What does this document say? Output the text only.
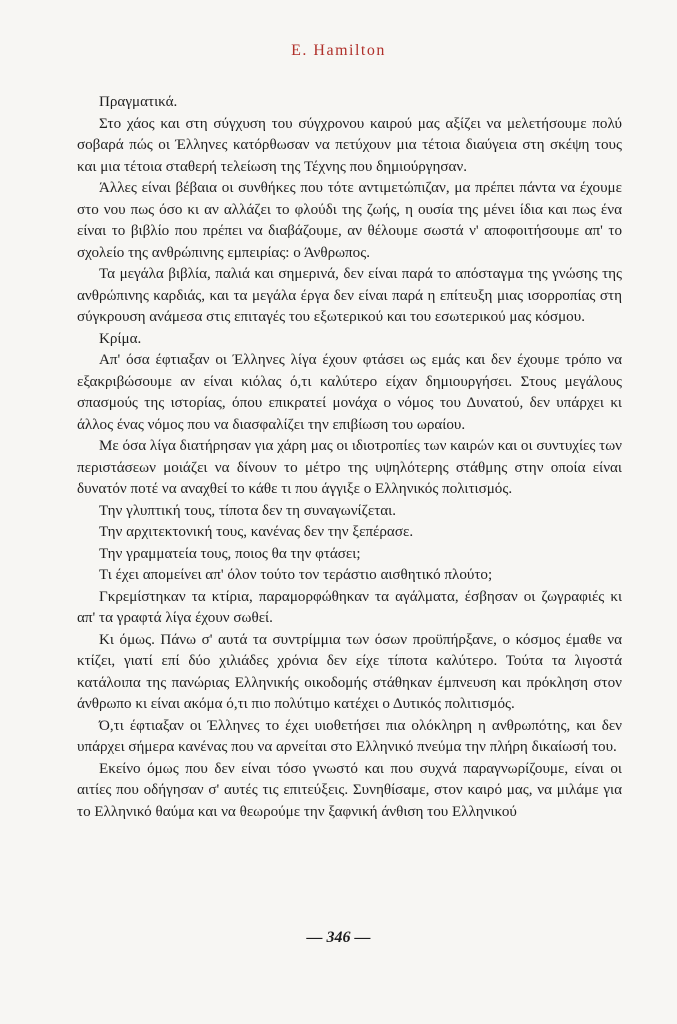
E. Hamilton

Πραγματικά.

Στο χάος και στη σύγχυση του σύγχρονου καιρού μας αξίζει να μελετήσουμε πολύ σοβαρά πώς οι Έλληνες κατόρθωσαν να πετύχουν μια τέτοια διαύγεια στη σκέψη τους και μια τέτοια σταθερή τελείωση της Τέχνης που δημιούργησαν.

Άλλες είναι βέβαια οι συνθήκες που τότε αντιμετώπιζαν, μα πρέπει πάντα να έχουμε στο νου πως όσο κι αν αλλάζει το φλούδι της ζωής, η ουσία της μένει ίδια και πως ένα είναι το βιβλίο που πρέπει να διαβάζουμε, αν θέλουμε σωστά ν' αποφοιτήσουμε απ' το σχολείο της ανθρώπινης εμπειρίας: ο Άνθρωπος.

Τα μεγάλα βιβλία, παλιά και σημερινά, δεν είναι παρά το απόσταγμα της γνώσης της ανθρώπινης καρδιάς, και τα μεγάλα έργα δεν είναι παρά η επίτευξη μιας ισορροπίας στη σύγκρουση ανάμεσα στις επιταγές του εξωτερικού και του εσωτερικού μας κόσμου.

Κρίμα.

Απ' όσα έφτιαξαν οι Έλληνες λίγα έχουν φτάσει ως εμάς και δεν έχουμε τρόπο να εξακριβώσουμε αν είναι κιόλας ό,τι καλύτερο είχαν δημιουργήσει. Στους μεγάλους σπασμούς της ιστορίας, όπου επικρατεί μονάχα ο νόμος του Δυνατού, δεν υπάρχει κι άλλος ένας νόμος που να διασφαλίζει την επιβίωση του ωραίου.

Με όσα λίγα διατήρησαν για χάρη μας οι ιδιοτροπίες των καιρών και οι συντυχίες των περιστάσεων μοιάζει να δίνουν το μέτρο της υψηλότερης στάθμης στην οποία είναι δυνατόν ποτέ να αναχθεί το κάθε τι που άγγιξε ο Ελληνικός πολιτισμός.

Την γλυπτική τους, τίποτα δεν τη συναγωνίζεται.

Την αρχιτεκτονική τους, κανένας δεν την ξεπέρασε.

Την γραμματεία τους, ποιος θα την φτάσει;

Τι έχει απομείνει απ' όλον τούτο τον τεράστιο αισθητικό πλούτο;

Γκρεμίστηκαν τα κτίρια, παραμορφώθηκαν τα αγάλματα, έσβησαν οι ζωγραφιές κι απ' τα γραφτά λίγα έχουν σωθεί.

Κι όμως. Πάνω σ' αυτά τα συντρίμμια των όσων προϋπήρξανε, ο κόσμος έμαθε να κτίζει, γιατί επί δύο χιλιάδες χρόνια δεν είχε τίποτα καλύτερο. Τούτα τα λιγοστά κατάλοιπα της πανώριας Ελληνικής οικοδομής στάθηκαν έμπνευση και πρόκληση στον άνθρωπο κι είναι ακόμα ό,τι πιο πολύτιμο κατέχει ο Δυτικός πολιτισμός.

Ό,τι έφτιαξαν οι Έλληνες το έχει υιοθετήσει πια ολόκληρη η ανθρωπότης, και δεν υπάρχει σήμερα κανένας που να αρνείται στο Ελληνικό πνεύμα την πλήρη δικαίωσή του.

Εκείνο όμως που δεν είναι τόσο γνωστό και που συχνά παραγνωρίζουμε, είναι οι αιτίες που οδήγησαν σ' αυτές τις επιτεύξεις. Συνηθίσαμε, στον καιρό μας, να μιλάμε για το Ελληνικό θαύμα και να θεωρούμε την ξαφνική άνθιση του Ελληνικού

— 346 —
